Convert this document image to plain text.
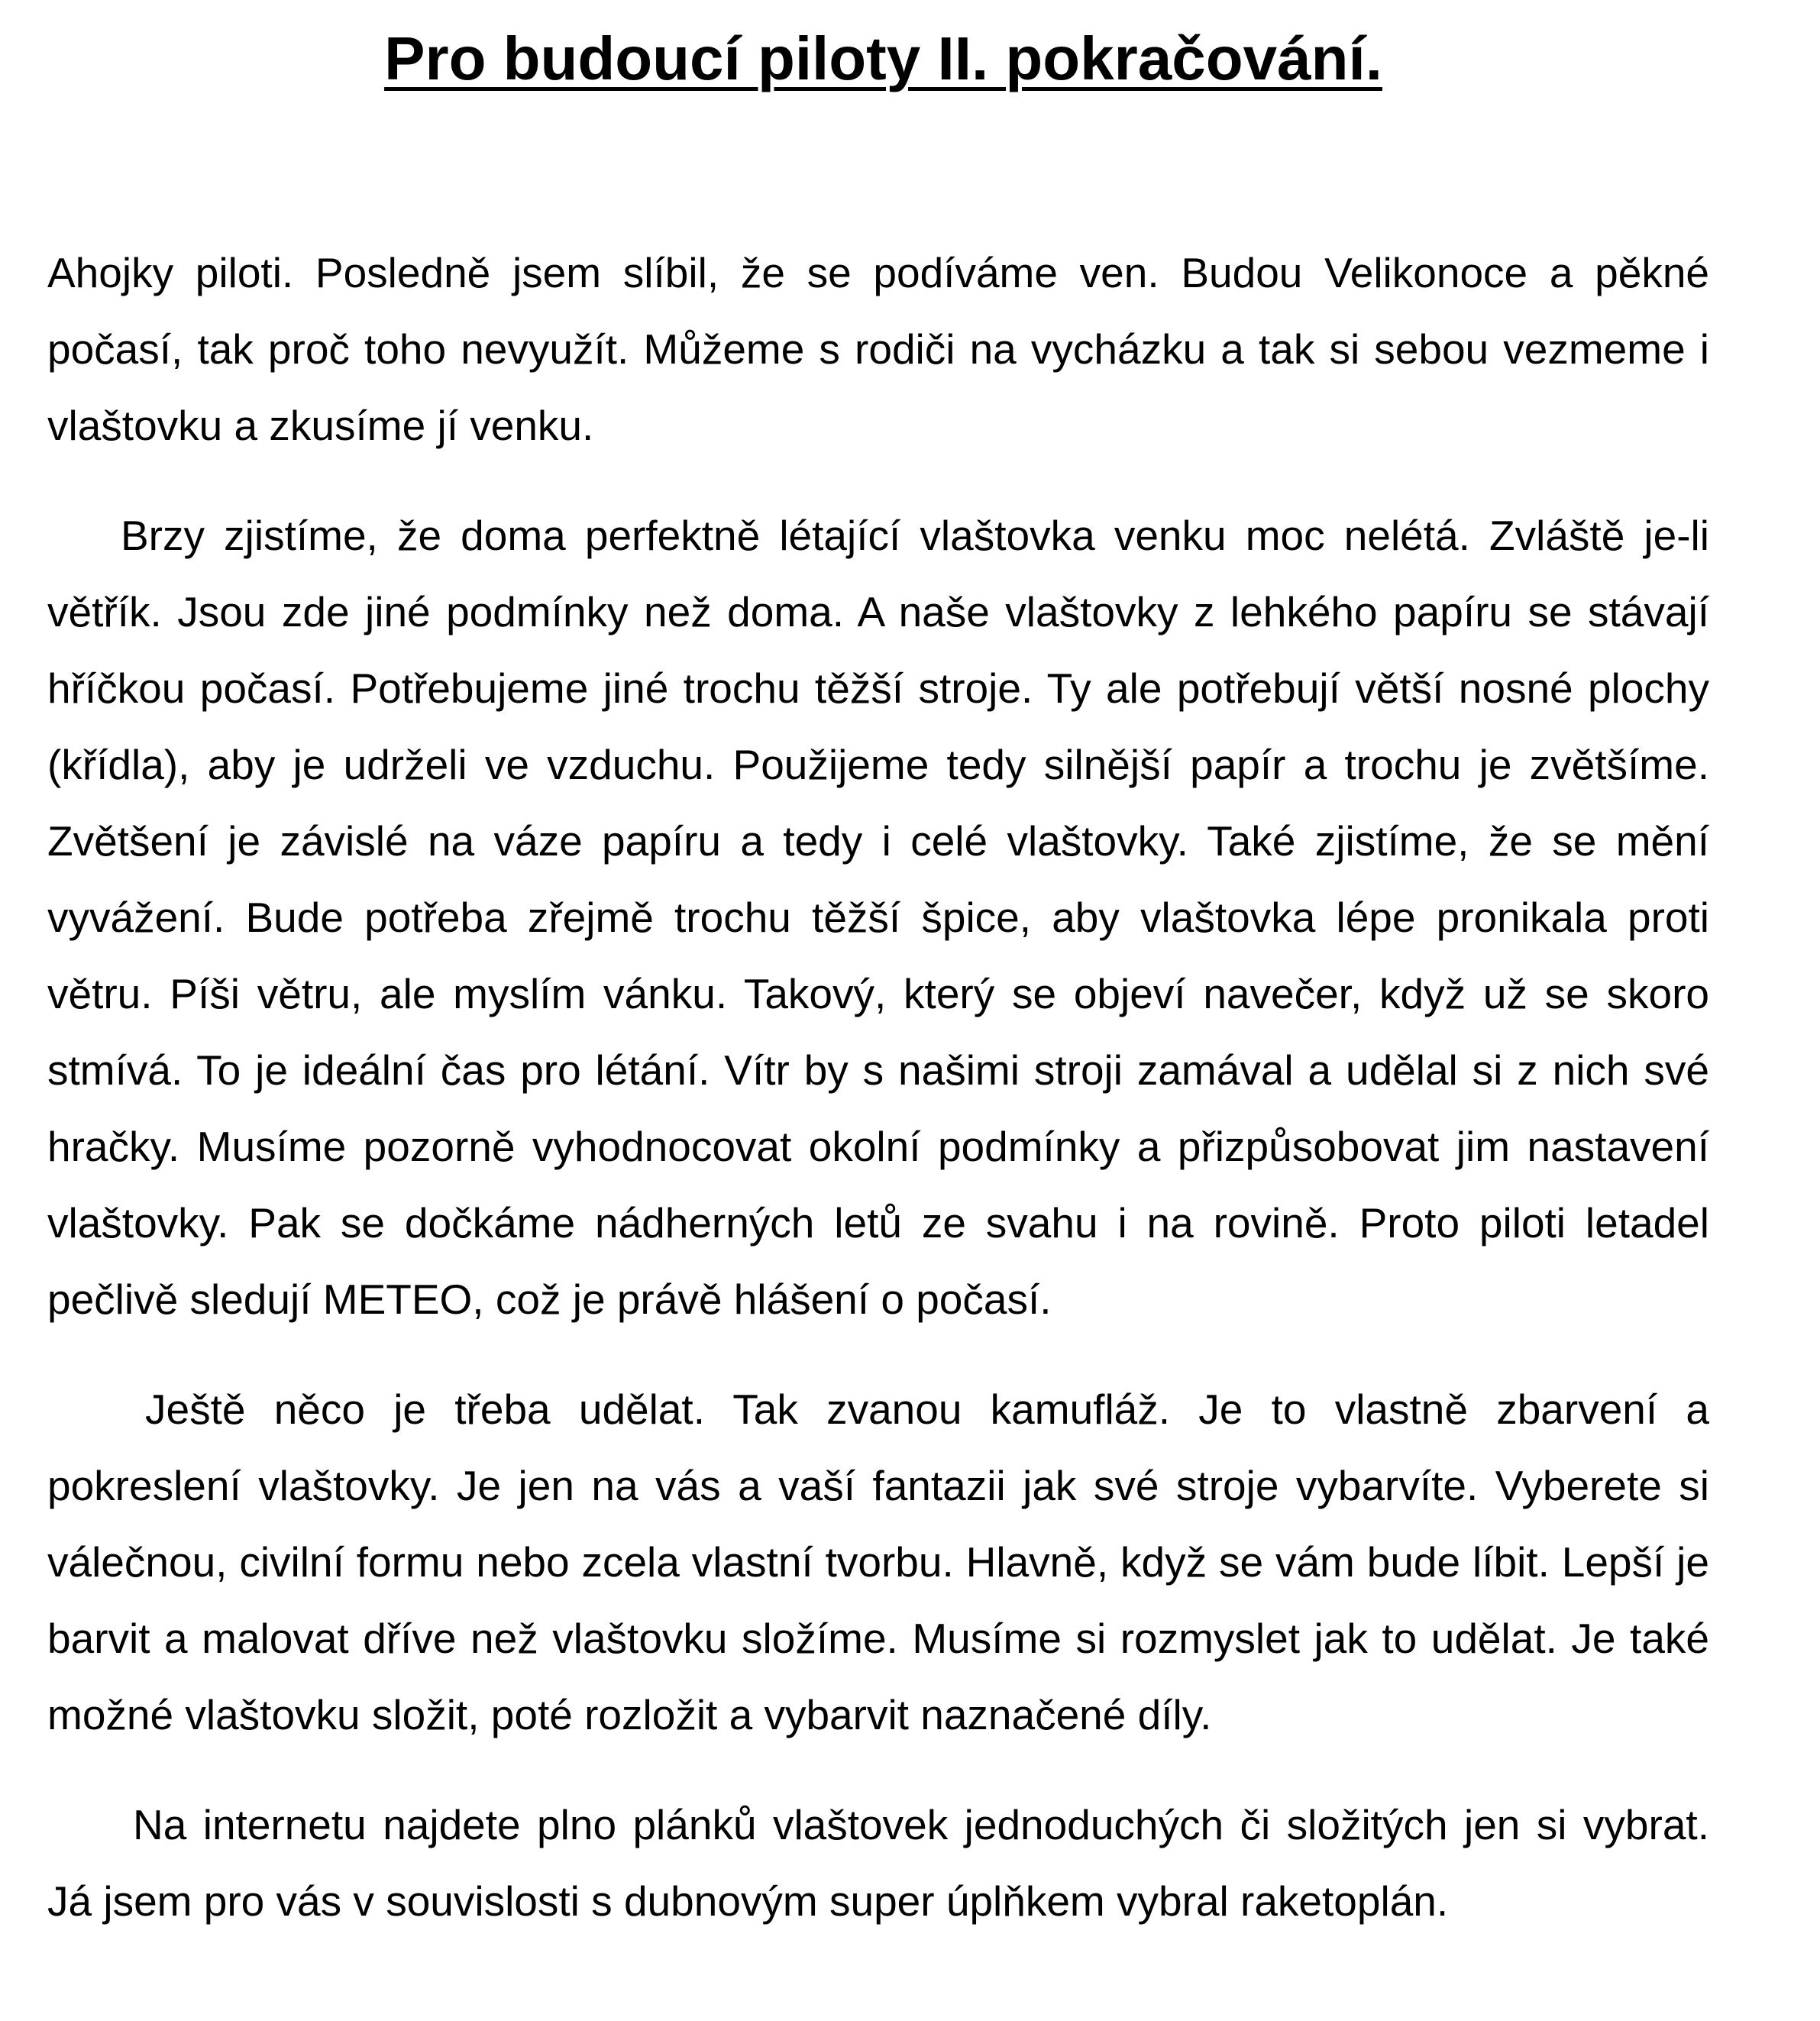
Pro budoucí piloty II. pokračování.

Ahojky piloti. Posledně jsem slíbil, že se podíváme ven. Budou Velikonoce a pěkné počasí, tak proč toho nevyužít. Můžeme s rodiči na vycházku a tak si sebou vezmeme i vlaštovku a zkusíme jí venku.

Brzy zjistíme, že doma perfektně létající vlaštovka venku moc nelétá. Zvláště je-li větřík. Jsou zde jiné podmínky než doma. A naše vlaštovky z lehkého papíru se stávají hříčkou počasí. Potřebujeme jiné trochu těžší stroje. Ty ale potřebují větší nosné plochy (křídla), aby je udrželi ve vzduchu. Použijeme tedy silnější papír a trochu je zvětšíme. Zvětšení je závislé na váze papíru a tedy i celé vlaštovky. Také zjistíme, že se mění vyvážení. Bude potřeba zřejmě trochu těžší špice, aby vlaštovka lépe pronikala proti větru. Píši větru, ale myslím vánku. Takový, který se objeví navečer, když už se skoro stmívá. To je ideální čas pro létání. Vítr by s našimi stroji zamával a udělal si z nich své hračky. Musíme pozorně vyhodnocovat okolní podmínky a přizpůsobovat jim nastavení vlaštovky. Pak se dočkáme nádherných letů ze svahu i na rovině. Proto piloti letadel pečlivě sledují METEO, což je právě hlášení o počasí.

Ještě něco je třeba udělat. Tak zvanou kamufláž. Je to vlastně zbarvení a pokreslení vlaštovky. Je jen na vás a vaší fantazii jak své stroje vybarvíte. Vyberete si válečnou, civilní formu nebo zcela vlastní tvorbu. Hlavně, když se vám bude líbit. Lepší je barvit a malovat dříve než vlaštovku složíme. Musíme si rozmyslet jak to udělat. Je také možné vlaštovku složit, poté rozložit a vybarvit naznačené díly.

Na internetu najdete plno plánků vlaštovek jednoduchých či složitých jen si vybrat. Já jsem pro vás v souvislosti s dubnovým super úplňkem vybral raketoplán.
